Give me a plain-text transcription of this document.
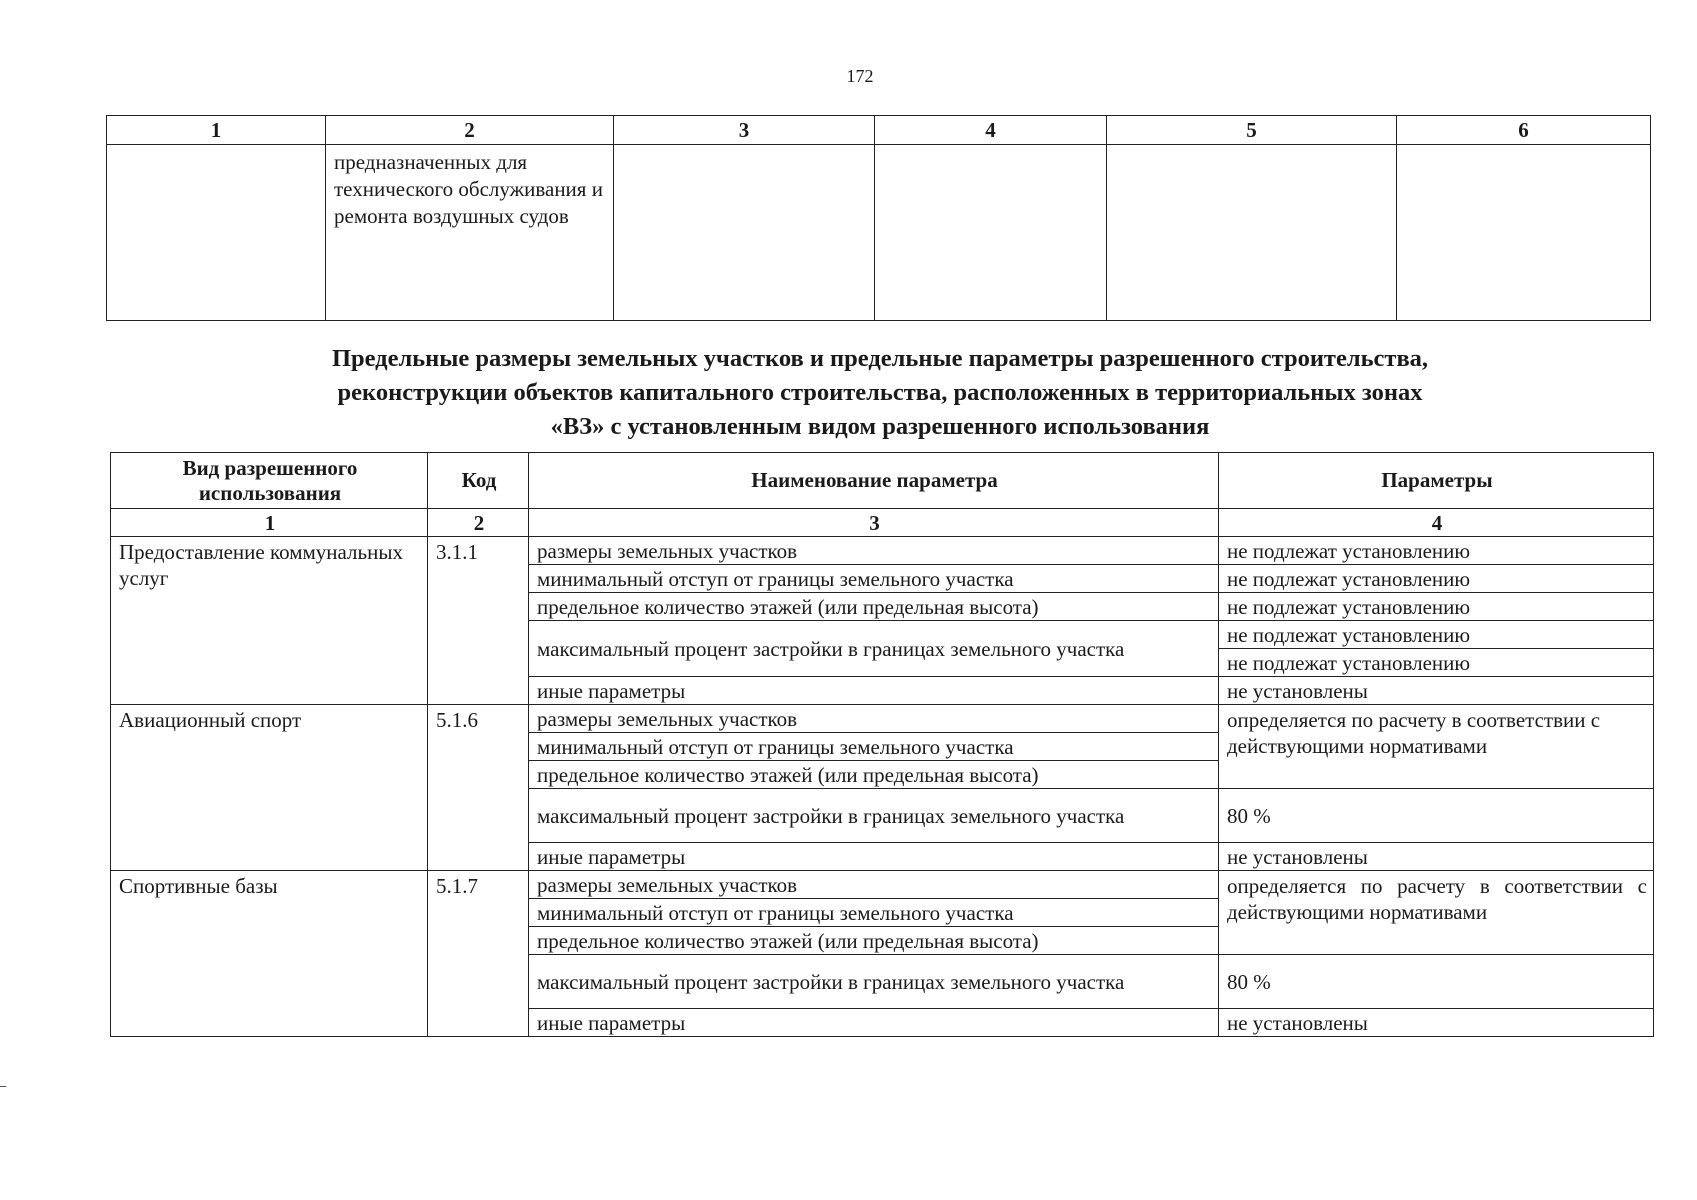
172
1	2	3	4	5	6
	предназначенных для технического обслуживания и ремонта воздушных судов				
Предельные размеры земельных участков и предельные параметры разрешенного строительства,
реконструкции объектов капитального строительства, расположенных в территориальных зонах
«ВЗ» с установленным видом разрешенного использования
Вид разрешенного использования	Код	Наименование параметра	Параметры
1	2	3	4
Предоставление коммунальных услуг	3.1.1	размеры земельных участков	не подлежат установлению
		минимальный отступ от границы земельного участка	не подлежат установлению
		предельное количество этажей (или предельная высота)	не подлежат установлению
		максимальный процент застройки в границах земельного участка	не подлежат установлению
			не подлежат установлению
		иные параметры	не установлены
Авиационный спорт	5.1.6	размеры земельных участков	определяется по расчету в соответствии с действующими нормативами
		минимальный отступ от границы земельного участка	
		предельное количество этажей (или предельная высота)	
		максимальный процент застройки в границах земельного участка	80 %
		иные параметры	не установлены
Спортивные базы	5.1.7	размеры земельных участков	определяется по расчету в соответствии с действующими нормативами
		минимальный отступ от границы земельного участка	
		предельное количество этажей (или предельная высота)	
		максимальный процент застройки в границах земельного участка	80 %
		иные параметры	не установлены
